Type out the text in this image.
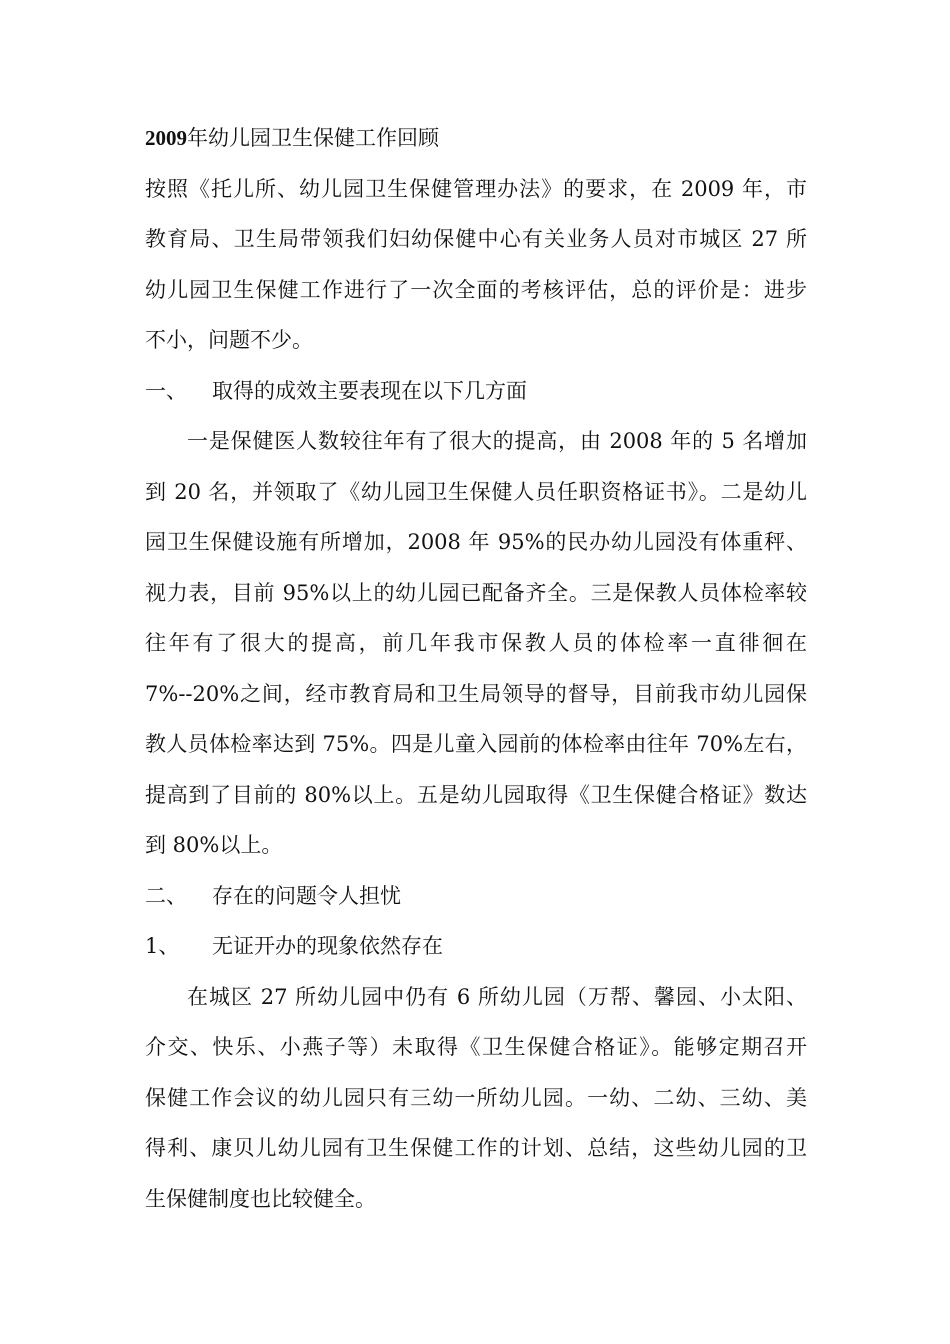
2009年幼儿园卫生保健工作回顾
按照《托儿所、幼儿园卫生保健管理办法》的要求，在 2009 年，市
教育局、卫生局带领我们妇幼保健中心有关业务人员对市城区 27 所
幼儿园卫生保健工作进行了一次全面的考核评估，总的评价是：进步
不小，问题不少。
一、 取得的成效主要表现在以下几方面
一是保健医人数较往年有了很大的提高，由 2008 年的 5 名增加
到 20 名，并领取了《幼儿园卫生保健人员任职资格证书》。二是幼儿
园卫生保健设施有所增加，2008 年 95%的民办幼儿园没有体重秤、
视力表，目前 95%以上的幼儿园已配备齐全。三是保教人员体检率较
往年有了很大的提高，前几年我市保教人员的体检率一直徘徊在
7%--20%之间，经市教育局和卫生局领导的督导，目前我市幼儿园保
教人员体检率达到 75%。四是儿童入园前的体检率由往年 70%左右，
提高到了目前的 80%以上。五是幼儿园取得《卫生保健合格证》数达
到 80%以上。
二、 存在的问题令人担忧
1、 无证开办的现象依然存在
在城区 27 所幼儿园中仍有 6 所幼儿园（万帮、馨园、小太阳、
介交、快乐、小燕子等）未取得《卫生保健合格证》。能够定期召开
保健工作会议的幼儿园只有三幼一所幼儿园。一幼、二幼、三幼、美
得利、康贝儿幼儿园有卫生保健工作的计划、总结，这些幼儿园的卫
生保健制度也比较健全。
